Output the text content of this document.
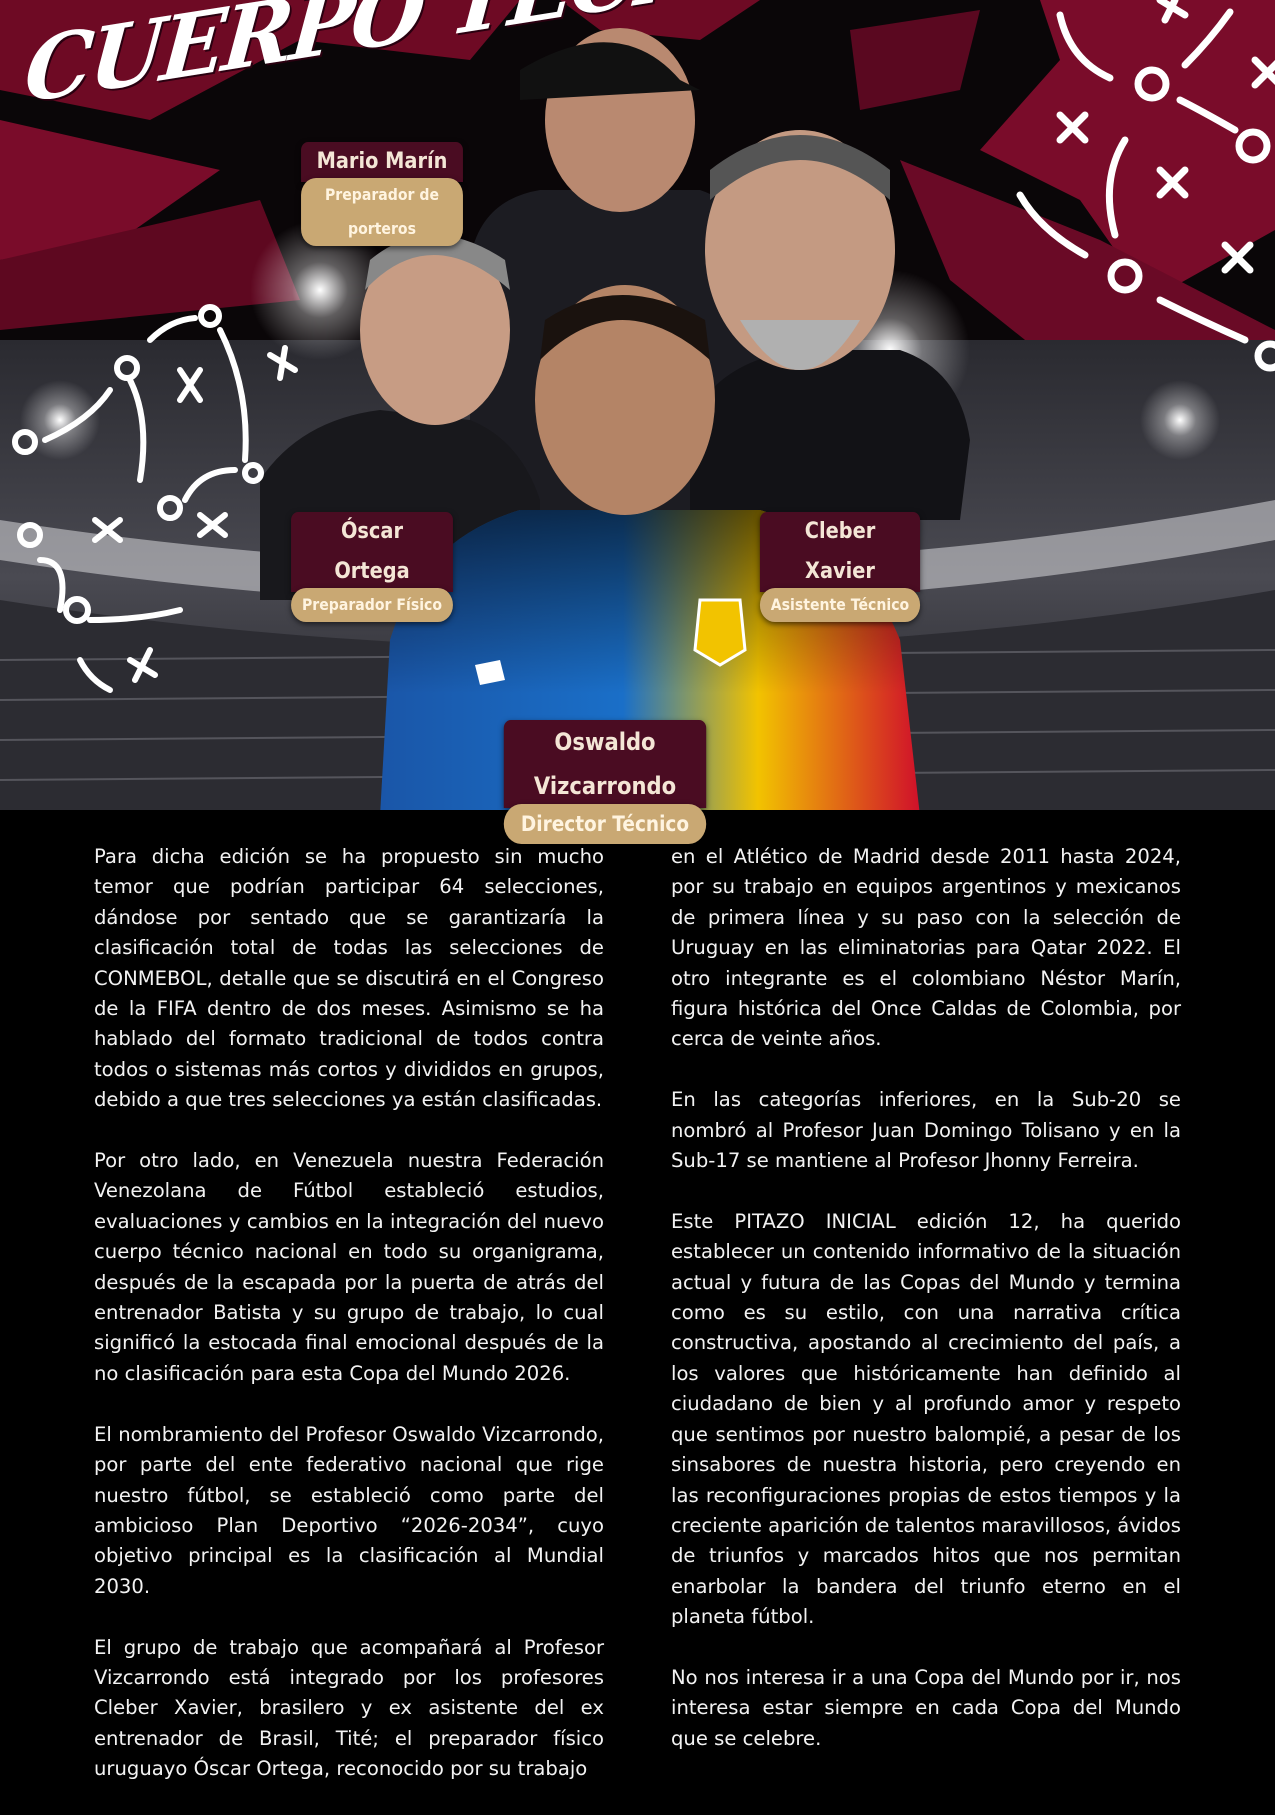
Mario Marín
Preparador de porteros
Óscar Ortega
Preparador Físico
Cleber Xavier
Asistente Técnico
Oswaldo Vizcarrondo
Director Técnico

Para dicha edición se ha propuesto sin mucho temor que podrían participar 64 selecciones, dándose por sentado que se garantizaría la clasificación total de todas las selecciones de CONMEBOL, detalle que se discutirá en el Congreso de la FIFA dentro de dos meses. Asimismo se ha hablado del formato tradicional de todos contra todos o sistemas más cortos y divididos en grupos, debido a que tres selecciones ya están clasificadas.

Por otro lado, en Venezuela nuestra Federación Venezolana de Fútbol estableció estudios, evaluaciones y cambios en la integración del nuevo cuerpo técnico nacional en todo su organigrama, después de la escapada por la puerta de atrás del entrenador Batista y su grupo de trabajo, lo cual significó la estocada final emocional después de la no clasificación para esta Copa del Mundo 2026.

El nombramiento del Profesor Oswaldo Vizcarrondo, por parte del ente federativo nacional que rige nuestro fútbol, se estableció como parte del ambicioso Plan Deportivo “2026-2034”, cuyo objetivo principal es la clasificación al Mundial 2030.

El grupo de trabajo que acompañará al Profesor Vizcarrondo está integrado por los profesores Cleber Xavier, brasilero y ex asistente del ex entrenador de Brasil, Tité; el preparador físico uruguayo Óscar Ortega, reconocido por su trabajo

en el Atlético de Madrid desde 2011 hasta 2024, por su trabajo en equipos argentinos y mexicanos de primera línea y su paso con la selección de Uruguay en las eliminatorias para Qatar 2022. El otro integrante es el colombiano Néstor Marín, figura histórica del Once Caldas de Colombia, por cerca de veinte años.

En las categorías inferiores, en la Sub-20 se nombró al Profesor Juan Domingo Tolisano y en la Sub-17 se mantiene al Profesor Jhonny Ferreira.

Este PITAZO INICIAL edición 12, ha querido establecer un contenido informativo de la situación actual y futura de las Copas del Mundo y termina como es su estilo, con una narrativa crítica constructiva, apostando al crecimiento del país, a los valores que históricamente han definido al ciudadano de bien y al profundo amor y respeto que sentimos por nuestro balompié, a pesar de los sinsabores de nuestra historia, pero creyendo en las reconfiguraciones propias de estos tiempos y la creciente aparición de talentos maravillosos, ávidos de triunfos y marcados hitos que nos permitan enarbolar la bandera del triunfo eterno en el planeta fútbol.

No nos interesa ir a una Copa del Mundo por ir, nos interesa estar siempre en cada Copa del Mundo que se celebre.
